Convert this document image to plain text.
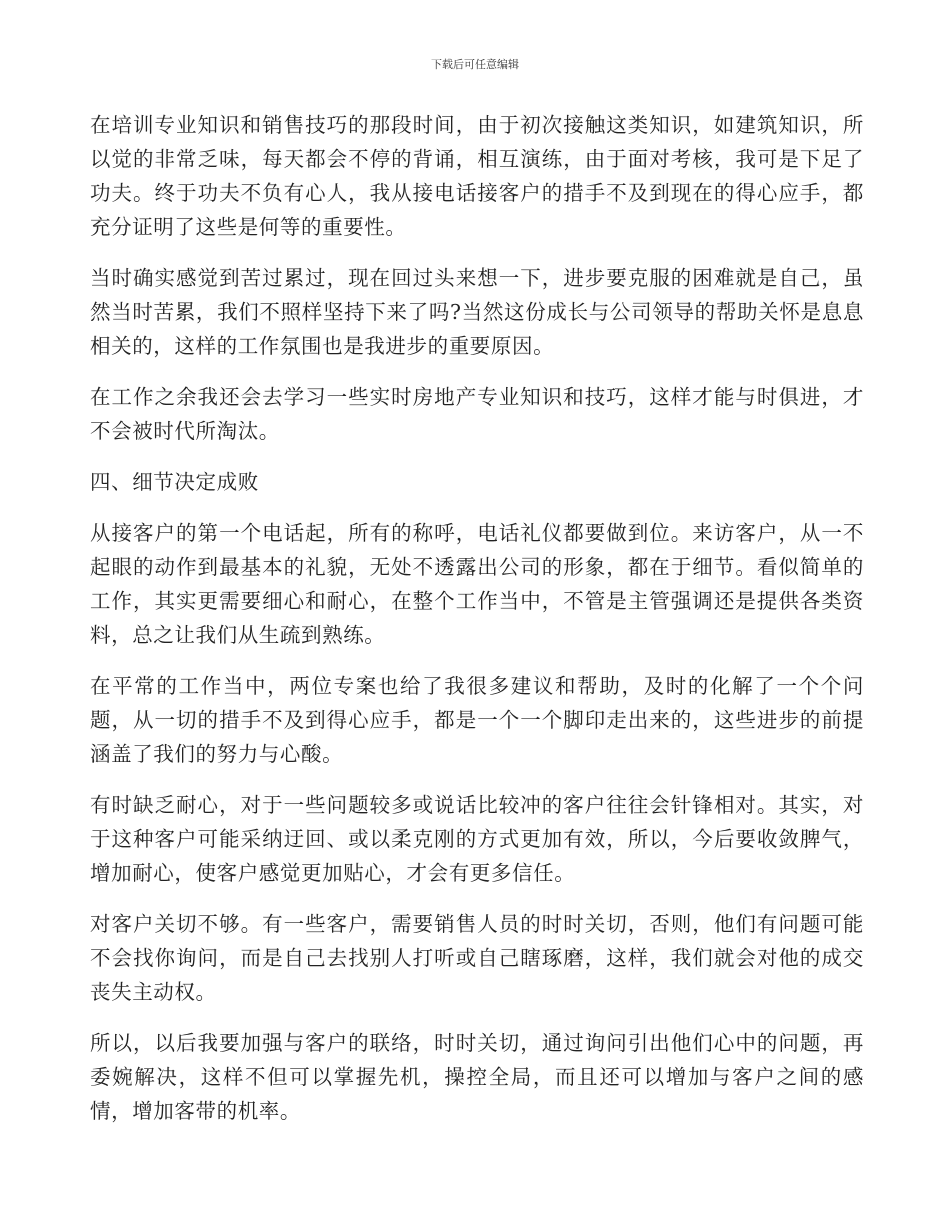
下载后可任意编辑

在培训专业知识和销售技巧的那段时间，由于初次接触这类知识，如建筑知识，所以觉的非常乏味，每天都会不停的背诵，相互演练，由于面对考核，我可是下足了功夫。终于功夫不负有心人，我从接电话接客户的措手不及到现在的得心应手，都充分证明了这些是何等的重要性。

当时确实感觉到苦过累过，现在回过头来想一下，进步要克服的困难就是自己，虽然当时苦累，我们不照样坚持下来了吗?当然这份成长与公司领导的帮助关怀是息息相关的，这样的工作氛围也是我进步的重要原因。

在工作之余我还会去学习一些实时房地产专业知识和技巧，这样才能与时俱进，才不会被时代所淘汰。

四、细节决定成败

从接客户的第一个电话起，所有的称呼，电话礼仪都要做到位。来访客户，从一不起眼的动作到最基本的礼貌，无处不透露出公司的形象，都在于细节。看似简单的工作，其实更需要细心和耐心，在整个工作当中，不管是主管强调还是提供各类资料，总之让我们从生疏到熟练。

在平常的工作当中，两位专案也给了我很多建议和帮助，及时的化解了一个个问题，从一切的措手不及到得心应手，都是一个一个脚印走出来的，这些进步的前提涵盖了我们的努力与心酸。

有时缺乏耐心，对于一些问题较多或说话比较冲的客户往往会针锋相对。其实，对于这种客户可能采纳迂回、或以柔克刚的方式更加有效，所以，今后要收敛脾气，增加耐心，使客户感觉更加贴心，才会有更多信任。

对客户关切不够。有一些客户，需要销售人员的时时关切，否则，他们有问题可能不会找你询问，而是自己去找别人打听或自己瞎琢磨，这样，我们就会对他的成交丧失主动权。

所以，以后我要加强与客户的联络，时时关切，通过询问引出他们心中的问题，再委婉解决，这样不但可以掌握先机，操控全局，而且还可以增加与客户之间的感情，增加客带的机率。
